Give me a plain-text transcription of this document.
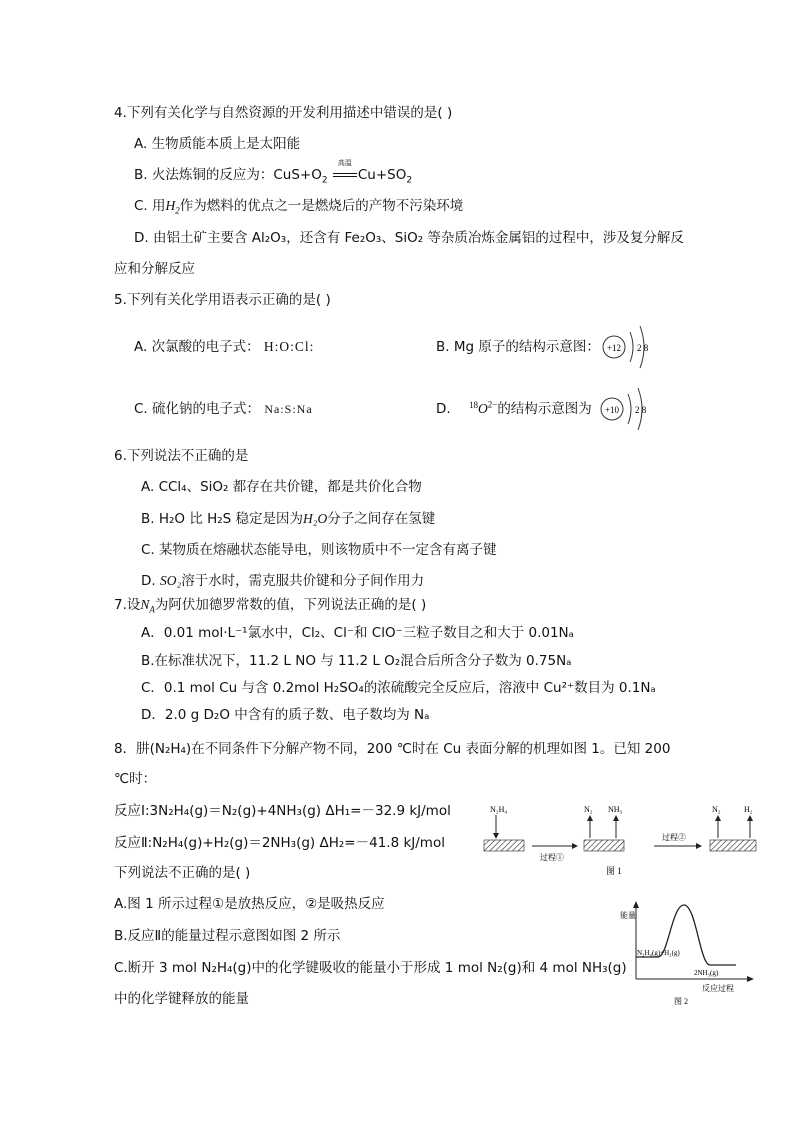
4.下列有关化学与自然资源的开发利用描述中错误的是( )
A. 生物质能本质上是太阳能
B. 火法炼铜的反应为：$CuS+O_2$
高温
$Cu+SO_2$
C. 用$H_2$作为燃料的优点之一是燃烧后的产物不污染环境
D. 由铝土矿主要含 Al₂O₃，还含有 Fe₂O₃、SiO₂ 等杂质冶炼金属铝的过程中，涉及复分解反
应和分解反应
5.下列有关化学用语表示正确的是( )
A. 次氯酸的电子式： H:O:Cl:	B. Mg 原子的结构示意图： +12 2 8
C. 硫化钠的电子式： Na:S:Na	D. $^{18}O^{2-}$的结构示意图为 +10 2 8
6.下列说法不正确的是
A. CCl₄、SiO₂ 都存在共价键，都是共价化合物
B. H₂O 比 H₂S 稳定是因为H₂O分子之间存在氢键
C. 某物质在熔融状态能导电，则该物质中不一定含有离子键
D. SO₂溶于水时，需克服共价键和分子间作用力
7.设$N_A$为阿伏加德罗常数的值，下列说法正确的是( )
A．0.01 mol·L⁻¹氯水中，Cl₂、Cl⁻和 ClO⁻三粒子数目之和大于 0.01Nₐ
B.在标准状况下，11.2 L NO 与 11.2 L O₂混合后所含分子数为 0.75Nₐ
C．0.1 mol Cu 与含 0.2mol H₂SO₄的浓硫酸完全反应后，溶液中 Cu²⁺数目为 0.1Nₐ
D．2.0 g D₂O 中含有的质子数、电子数均为 Nₐ
8．肼(N₂H₄)在不同条件下分解产物不同，200 ℃时在 Cu 表面分解的机理如图 1。已知 200
℃时：
反应Ⅰ:3N₂H₄(g)＝N₂(g)+4NH₃(g) ΔH₁=－32.9 kJ/mol
反应Ⅱ:N₂H₄(g)+H₂(g)＝2NH₃(g) ΔH₂=－41.8 kJ/mol
下列说法不正确的是( )
A.图 1 所示过程①是放热反应，②是吸热反应
B.反应Ⅱ的能量过程示意图如图 2 所示
C.断开 3 mol N₂H₄(g)中的化学键吸收的能量小于形成 1 mol N₂(g)和 4 mol NH₃(g)
中的化学键释放的能量
N₂H₄
过程①
N₂ NH₃
过程②
N₂	H₂
图 1
能量
N₂H₄(g)+H₂(g)
2NH₃(g)
反应过程
图 2
